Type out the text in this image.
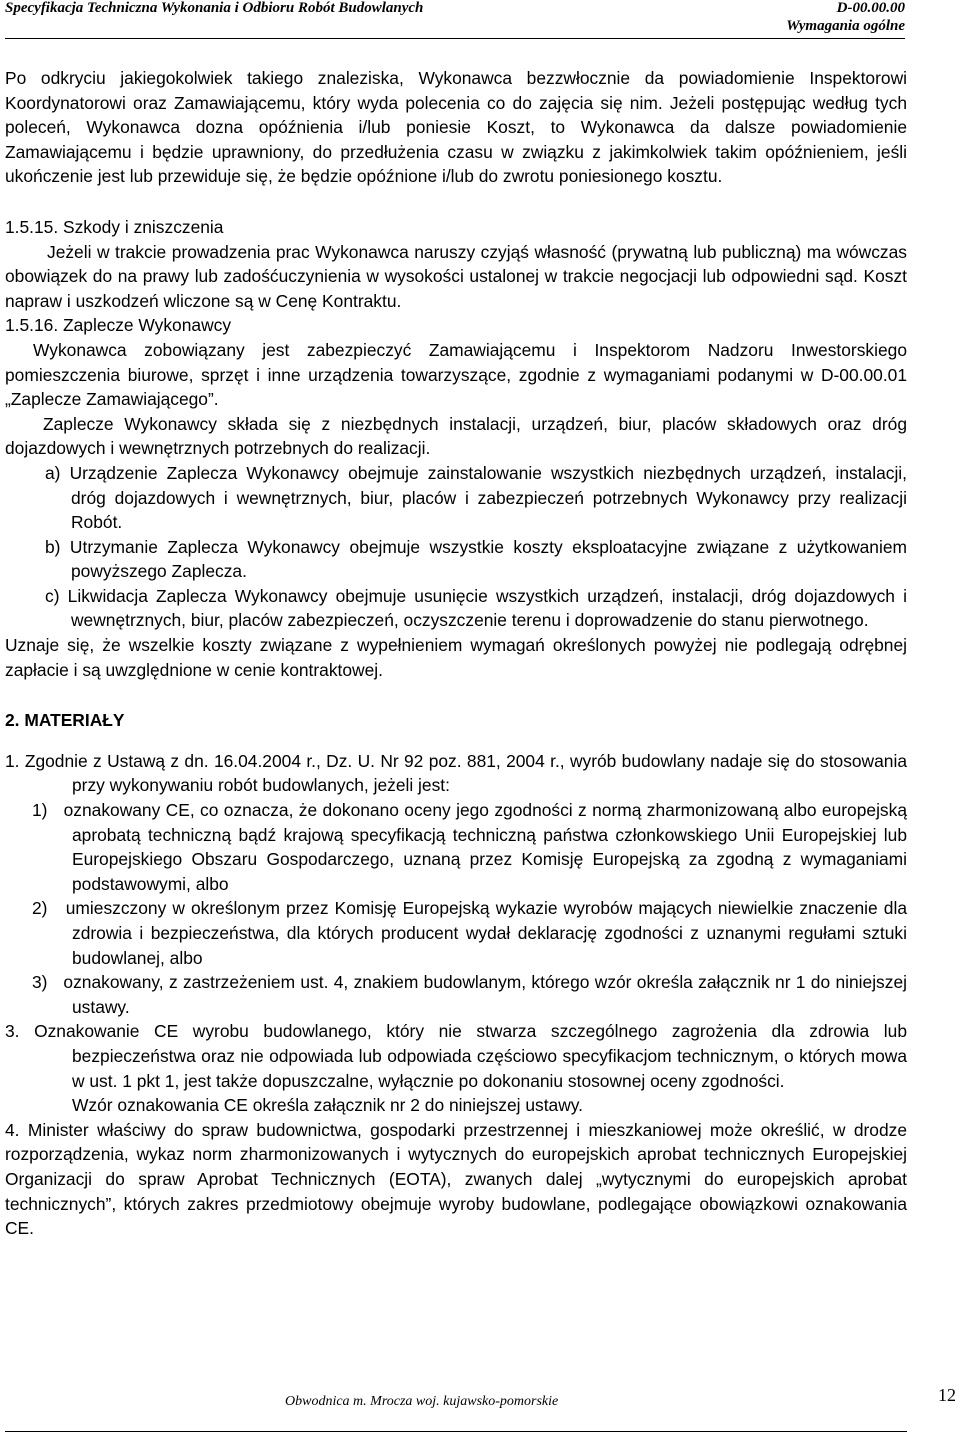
Specyfikacja Techniczna Wykonania i Odbioru Robót Budowlanych	D-00.00.00
Wymagania ogólne

Po odkryciu jakiegokolwiek takiego znaleziska, Wykonawca bezzwłocznie da powiadomienie Inspektorowi Koordynatorowi oraz Zamawiającemu, który wyda polecenia co do zajęcia się nim. Jeżeli postępując według tych poleceń, Wykonawca dozna opóźnienia i/lub poniesie Koszt, to Wykonawca da dalsze powiadomienie Zamawiającemu i będzie uprawniony, do przedłużenia czasu w związku z jakimkolwiek takim opóźnieniem, jeśli ukończenie jest lub przewiduje się, że będzie opóźnione i/lub do zwrotu poniesionego kosztu.

1.5.15. Szkody i zniszczenia

Jeżeli w trakcie prowadzenia prac Wykonawca naruszy czyjąś własność (prywatną lub publiczną) ma wówczas obowiązek do na prawy lub zadośćuczynienia w wysokości ustalonej w trakcie negocjacji lub odpowiedni sąd. Koszt napraw i uszkodzeń wliczone są w Cenę Kontraktu.

1.5.16. Zaplecze Wykonawcy

Wykonawca zobowiązany jest zabezpieczyć Zamawiającemu i Inspektorom Nadzoru Inwestorskiego pomieszczenia biurowe, sprzęt i inne urządzenia towarzyszące, zgodnie z wymaganiami podanymi w D-00.00.01 „Zaplecze Zamawiającego”.

Zaplecze Wykonawcy składa się z niezbędnych instalacji, urządzeń, biur, placów składowych oraz dróg dojazdowych i wewnętrznych potrzebnych do realizacji.

a) Urządzenie Zaplecza Wykonawcy obejmuje zainstalowanie wszystkich niezbędnych urządzeń, instalacji, dróg dojazdowych i wewnętrznych, biur, placów i zabezpieczeń potrzebnych Wykonawcy przy realizacji Robót.

b) Utrzymanie Zaplecza Wykonawcy obejmuje wszystkie koszty eksploatacyjne związane z użytkowaniem powyższego Zaplecza.

c) Likwidacja Zaplecza Wykonawcy obejmuje usunięcie wszystkich urządzeń, instalacji, dróg dojazdowych i wewnętrznych, biur, placów zabezpieczeń, oczyszczenie terenu i doprowadzenie do stanu pierwotnego.

Uznaje się, że wszelkie koszty związane z wypełnieniem wymagań określonych powyżej nie podlegają odrębnej zapłacie i są uwzględnione w cenie kontraktowej.

2. MATERIAŁY

1. Zgodnie z Ustawą z dn. 16.04.2004 r., Dz. U. Nr 92 poz. 881, 2004 r., wyrób budowlany nadaje się do stosowania przy wykonywaniu robót budowlanych, jeżeli jest:

1)   oznakowany CE, co oznacza, że dokonano oceny jego zgodności z normą zharmonizowaną albo europejską aprobatą techniczną bądź krajową specyfikacją techniczną państwa członkowskiego Unii Europejskiej lub Europejskiego Obszaru Gospodarczego, uznaną przez Komisję Europejską za zgodną z wymaganiami podstawowymi, albo

2)   umieszczony w określonym przez Komisję Europejską wykazie wyrobów mających niewielkie znaczenie dla zdrowia i bezpieczeństwa, dla których producent wydał deklarację zgodności z uznanymi regułami sztuki budowlanej, albo

3)   oznakowany, z zastrzeżeniem ust. 4, znakiem budowlanym, którego wzór określa załącznik nr 1 do niniejszej ustawy.

3. Oznakowanie CE wyrobu budowlanego, który nie stwarza szczególnego zagrożenia dla zdrowia lub bezpieczeństwa oraz nie odpowiada lub odpowiada częściowo specyfikacjom technicznym, o których mowa w ust. 1 pkt 1, jest także dopuszczalne, wyłącznie po dokonaniu stosownej oceny zgodności.

Wzór oznakowania CE określa załącznik nr 2 do niniejszej ustawy.

4. Minister właściwy do spraw budownictwa, gospodarki przestrzennej i mieszkaniowej może określić, w drodze rozporządzenia, wykaz norm zharmonizowanych i wytycznych do europejskich aprobat technicznych Europejskiej Organizacji do spraw Aprobat Technicznych (EOTA), zwanych dalej „wytycznymi do europejskich aprobat technicznych”, których zakres przedmiotowy obejmuje wyroby budowlane, podlegające obowiązkowi oznakowania CE.

Obwodnica m. Mrocza woj. kujawsko-pomorskie	12
